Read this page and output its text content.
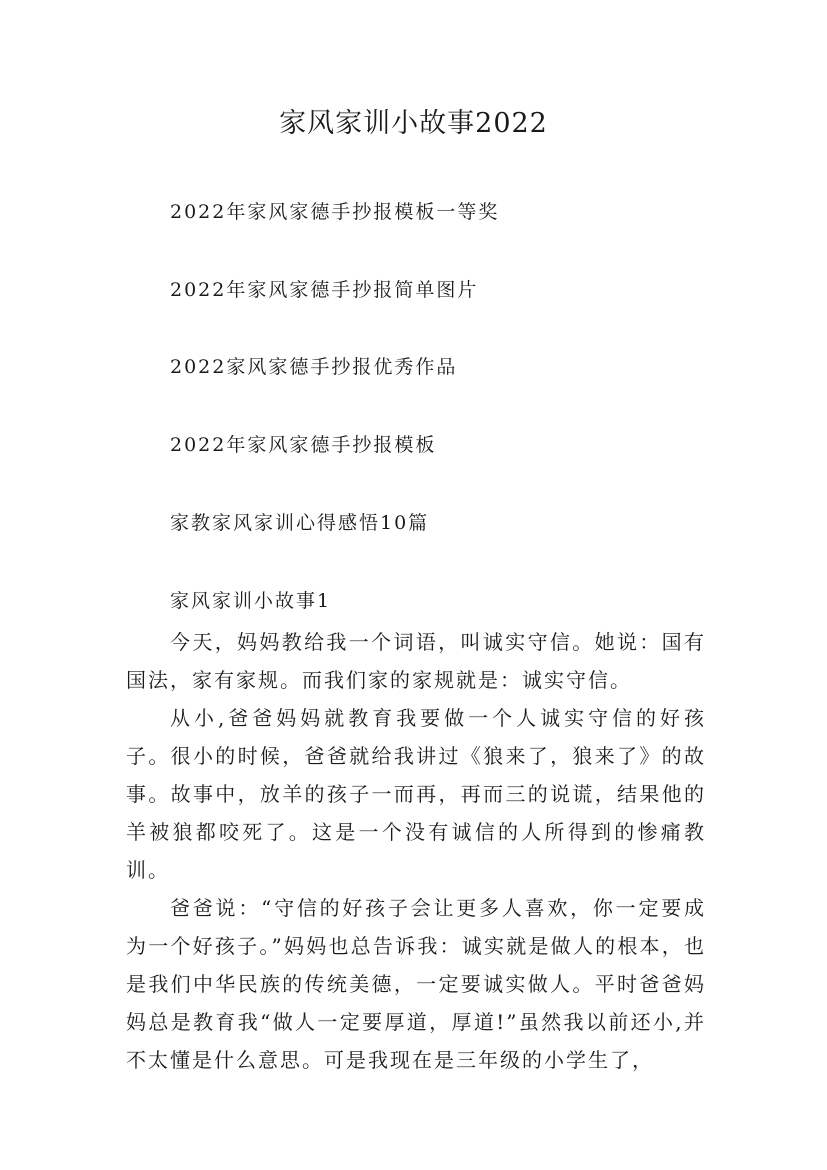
家风家训小故事2022
2022年家风家德手抄报模板一等奖
2022年家风家德手抄报简单图片
2022家风家德手抄报优秀作品
2022年家风家德手抄报模板
家教家风家训心得感悟10篇
家风家训小故事1

今天，妈妈教给我一个词语，叫诚实守信。她说：国有国法，家有家规。而我们家的家规就是：诚实守信。

从小,爸爸妈妈就教育我要做一个人诚实守信的好孩子。很小的时候，爸爸就给我讲过《狼来了，狼来了》的故事。故事中，放羊的孩子一而再，再而三的说谎，结果他的羊被狼都咬死了。这是一个没有诚信的人所得到的惨痛教训。

爸爸说：“守信的好孩子会让更多人喜欢，你一定要成为一个好孩子。”妈妈也总告诉我：诚实就是做人的根本，也是我们中华民族的传统美德，一定要诚实做人。平时爸爸妈妈总是教育我“做人一定要厚道，厚道!”虽然我以前还小,并不太懂是什么意思。可是我现在是三年级的小学生了，
